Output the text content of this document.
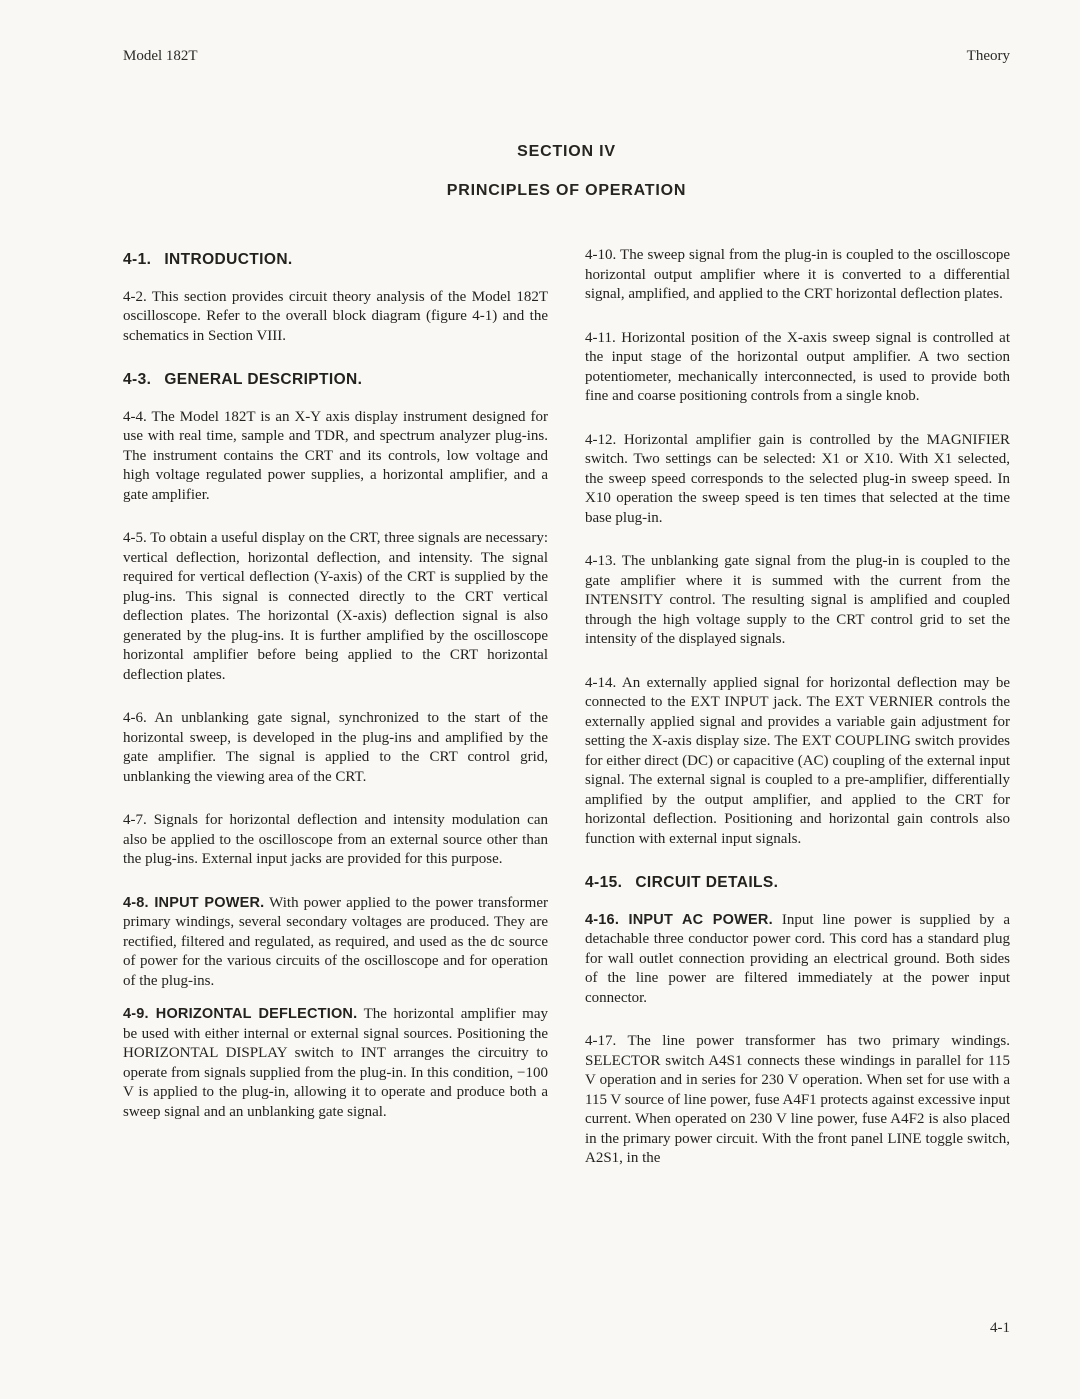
Model 182T	Theory
SECTION IV
PRINCIPLES OF OPERATION
4-1. INTRODUCTION.

4-2. This section provides circuit theory analysis of the Model 182T oscilloscope. Refer to the overall block diagram (figure 4-1) and the schematics in Section VIII.

4-3. GENERAL DESCRIPTION.

4-4. The Model 182T is an X-Y axis display instrument designed for use with real time, sample and TDR, and spectrum analyzer plug-ins. The instrument contains the CRT and its controls, low voltage and high voltage regulated power supplies, a horizontal amplifier, and a gate amplifier.

4-5. To obtain a useful display on the CRT, three signals are necessary: vertical deflection, horizontal deflection, and intensity. The signal required for vertical deflection (Y-axis) of the CRT is supplied by the plug-ins. This signal is connected directly to the CRT vertical deflection plates. The horizontal (X-axis) deflection signal is also generated by the plug-ins. It is further amplified by the oscilloscope horizontal amplifier before being applied to the CRT horizontal deflection plates.

4-6. An unblanking gate signal, synchronized to the start of the horizontal sweep, is developed in the plug-ins and amplified by the gate amplifier. The signal is applied to the CRT control grid, unblanking the viewing area of the CRT.

4-7. Signals for horizontal deflection and intensity modulation can also be applied to the oscilloscope from an external source other than the plug-ins. External input jacks are provided for this purpose.

4-8. INPUT POWER. With power applied to the power transformer primary windings, several secondary voltages are produced. They are rectified, filtered and regulated, as required, and used as the dc source of power for the various circuits of the oscilloscope and for operation of the plug-ins.

4-9. HORIZONTAL DEFLECTION. The horizontal amplifier may be used with either internal or external signal sources. Positioning the HORIZONTAL DISPLAY switch to INT arranges the circuitry to operate from signals supplied from the plug-in. In this condition, −100 V is applied to the plug-in, allowing it to operate and produce both a sweep signal and an unblanking gate signal.

4-10. The sweep signal from the plug-in is coupled to the oscilloscope horizontal output amplifier where it is converted to a differential signal, amplified, and applied to the CRT horizontal deflection plates.

4-11. Horizontal position of the X-axis sweep signal is controlled at the input stage of the horizontal output amplifier. A two section potentiometer, mechanically interconnected, is used to provide both fine and coarse positioning controls from a single knob.

4-12. Horizontal amplifier gain is controlled by the MAGNIFIER switch. Two settings can be selected: X1 or X10. With X1 selected, the sweep speed corresponds to the selected plug-in sweep speed. In X10 operation the sweep speed is ten times that selected at the time base plug-in.

4-13. The unblanking gate signal from the plug-in is coupled to the gate amplifier where it is summed with the current from the INTENSITY control. The resulting signal is amplified and coupled through the high voltage supply to the CRT control grid to set the intensity of the displayed signals.

4-14. An externally applied signal for horizontal deflection may be connected to the EXT INPUT jack. The EXT VERNIER controls the externally applied signal and provides a variable gain adjustment for setting the X-axis display size. The EXT COUPLING switch provides for either direct (DC) or capacitive (AC) coupling of the external input signal. The external signal is coupled to a pre-amplifier, differentially amplified by the output amplifier, and applied to the CRT for horizontal deflection. Positioning and horizontal gain controls also function with external input signals.

4-15. CIRCUIT DETAILS.

4-16. INPUT AC POWER. Input line power is supplied by a detachable three conductor power cord. This cord has a standard plug for wall outlet connection providing an electrical ground. Both sides of the line power are filtered immediately at the power input connector.

4-17. The line power transformer has two primary windings. SELECTOR switch A4S1 connects these windings in parallel for 115 V operation and in series for 230 V operation. When set for use with a 115 V source of line power, fuse A4F1 protects against excessive input current. When operated on 230 V line power, fuse A4F2 is also placed in the primary power circuit. With the front panel LINE toggle switch, A2S1, in the

4-1
